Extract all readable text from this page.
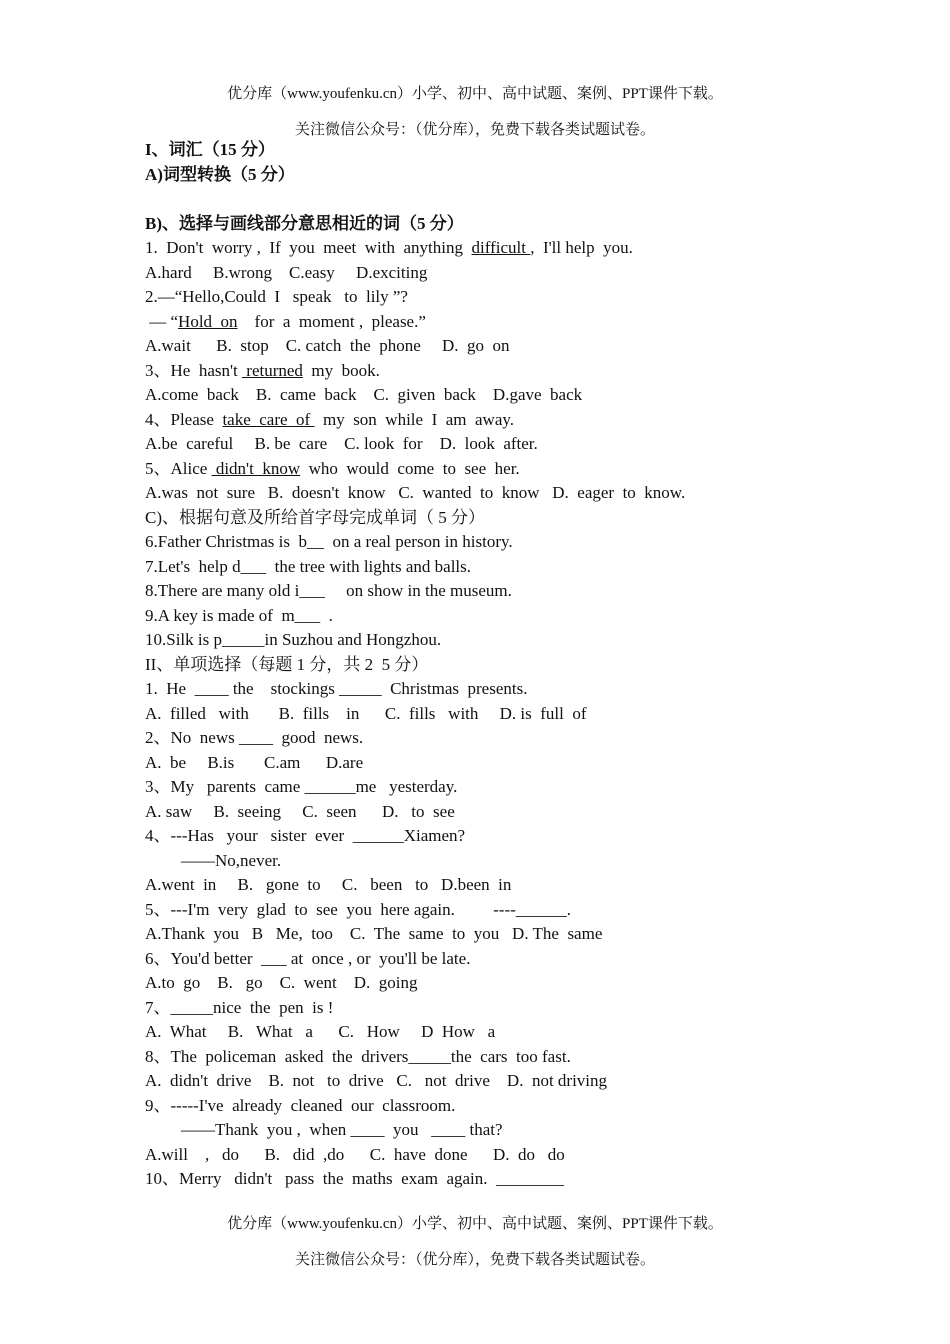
优分库（www.youfenku.cn）小学、初中、高中试题、案例、PPT课件下载。
关注微信公众号：（优分库），免费下载各类试题试卷。
I、词汇（15 分）
A)词型转换（5 分）
B)、选择与画线部分意思相近的词（5 分）
1.  Don't  worry ,  If  you  meet  with  anything  difficult ,  I'll help  you.
A.hard     B.wrong    C.easy     D.exciting
2.—“Hello,Could  I   speak   to  lily ”?
— “Hold  on    for  a  moment ,  please.”
A.wait      B.  stop    C. catch  the  phone     D.  go  on
3、He  hasn't  returned  my  book.
A.come  back    B.  came  back    C.  given  back    D.gave  back
4、Please  take  care  of   my  son  while  I  am  away.
A.be  careful     B. be  care    C. look  for    D.  look  after.
5、Alice  didn't  know  who  would  come  to  see  her.
A.was  not  sure   B.  doesn't  know   C.  wanted  to  know   D.  eager  to  know.
C)、根据句意及所给首字母完成单词（ 5 分）
6.Father Christmas is  b__  on a real person in history.
7.Let's  help d___  the tree with lights and balls.
8.There are many old i___     on show in the museum.
9.A key is made of  m___  .
10.Silk is p_____in Suzhou and Hongzhou.
II、单项选择（每题 1 分，共 2  5 分）
1.  He  ____ the    stockings _____  Christmas  presents.
A.  filled   with       B.  fills    in      C.  fills   with     D. is  full  of
2、No  news ____  good  news.
A.  be     B.is       C.am      D.are
3、My   parents  came ______me   yesterday.
A. saw     B.  seeing     C.  seen      D.   to  see
4、---Has   your   sister  ever  ______Xiamen?
——No,never.
A.went  in     B.   gone  to     C.   been   to   D.been  in
5、---I'm  very  glad  to  see  you  here again.         ----______.
A.Thank  you   B   Me,  too    C.  The  same  to  you   D. The  same
6、You'd better  ___ at  once , or  you'll be late.
A.to  go    B.   go    C.  went    D.  going
7、_____nice  the  pen  is !
A.  What     B.   What   a      C.   How     D  How   a
8、The  policeman  asked  the  drivers_____the  cars  too fast.
A.  didn't  drive    B.  not   to  drive   C.   not  drive    D.  not driving
9、-----I've  already  cleaned  our  classroom.
——Thank  you ,  when ____  you   ____ that?
A.will    ,   do      B.   did  ,do      C.  have  done      D.  do   do
10、Merry   didn't   pass  the  maths  exam  again.  ________
优分库（www.youfenku.cn）小学、初中、高中试题、案例、PPT课件下载。
关注微信公众号：（优分库），免费下载各类试题试卷。
